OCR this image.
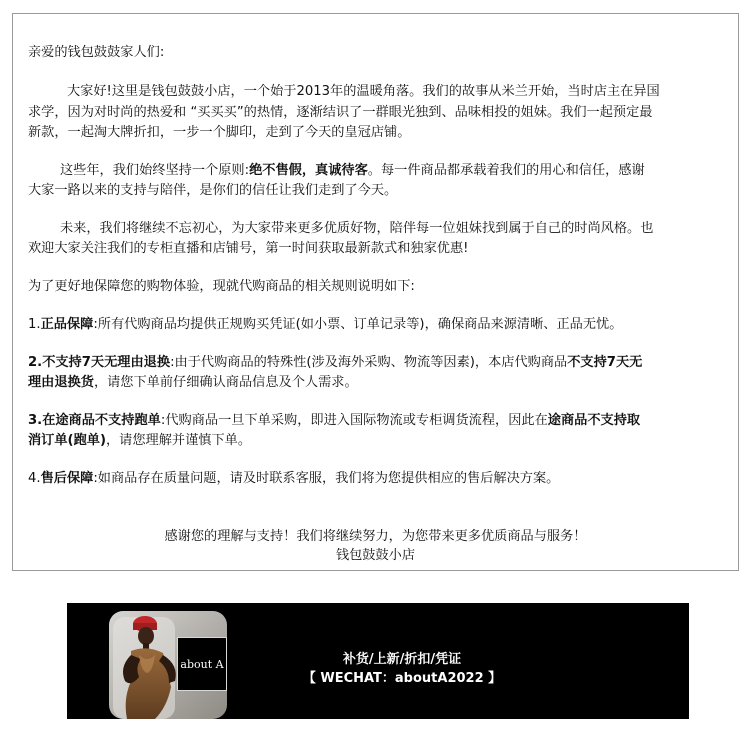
亲爱的钱包鼓鼓家人们:
大家好!这里是钱包鼓鼓小店，一个始于2013年的温暖角落。我们的故事从米兰开始，当时店主在异国
求学，因为对时尚的热爱和 “买买买”的热情，逐渐结识了一群眼光独到、品味相投的姐妹。我们一起预定最
新款，一起淘大牌折扣，一步一个脚印，走到了今天的皇冠店铺。
这些年，我们始终坚持一个原则:绝不售假，真诚待客。每一件商品都承载着我们的用心和信任，感谢
大家一路以来的支持与陪伴，是你们的信任让我们走到了今天。
未来，我们将继续不忘初心，为大家带来更多优质好物，陪伴每一位姐妹找到属于自己的时尚风格。也
欢迎大家关注我们的专柜直播和店铺号，第一时间获取最新款式和独家优惠!
为了更好地保障您的购物体验，现就代购商品的相关规则说明如下:
1.正品保障:所有代购商品均提供正规购买凭证(如小票、订单记录等)，确保商品来源清晰、正品无忧。
2.不支持7天无理由退换:由于代购商品的特殊性(涉及海外采购、物流等因素)，本店代购商品不支持7天无
理由退换货，请您下单前仔细确认商品信息及个人需求。
3.在途商品不支持跑单:代购商品一旦下单采购，即进入国际物流或专柜调货流程，因此在途商品不支持取
消订单(跑单)，请您理解并谨慎下单。
4.售后保障:如商品存在质量问题，请及时联系客服，我们将为您提供相应的售后解决方案。
感谢您的理解与支持！我们将继续努力，为您带来更多优质商品与服务！
钱包鼓鼓小店
about A	补货/上新/折扣/凭证
【 WECHAT：aboutA2022 】
